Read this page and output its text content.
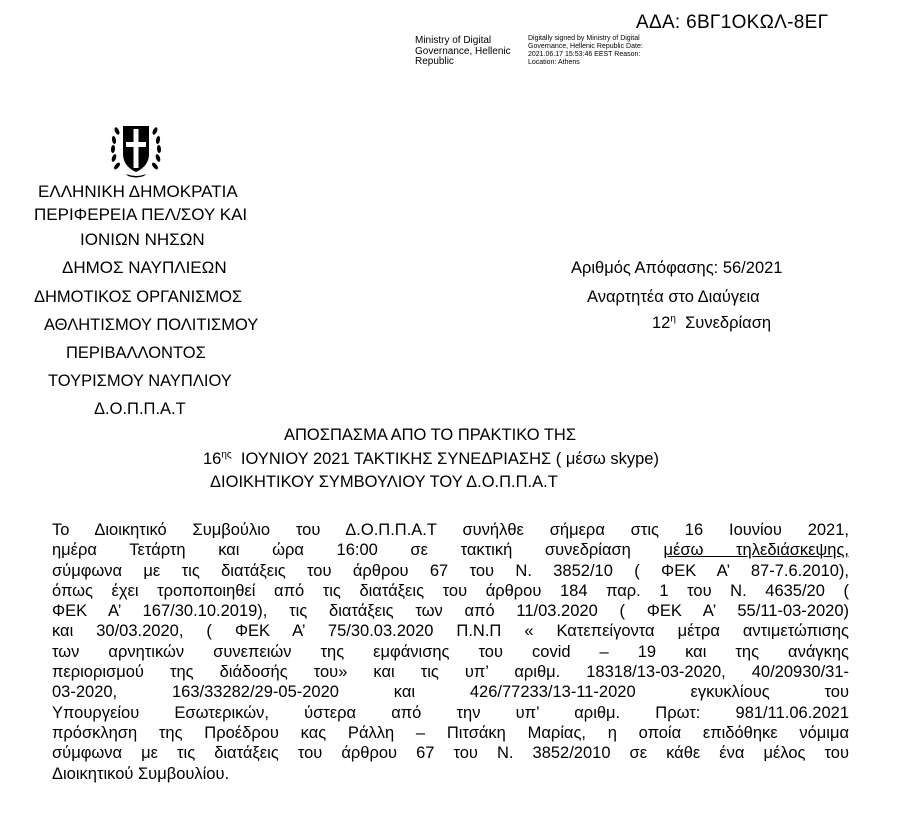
ΑΔΑ: 6ΒΓ1ΟΚΩΛ-8ΕΓ
Ministry of Digital Governance, Hellenic Republic
Digitally signed by Ministry of Digital Governance, Hellenic Republic Date: 2021.06.17 15:53:46 EEST Reason: Location: Athens
ΕΛΛΗΝΙΚΗ ΔΗΜΟΚΡΑΤΙΑ
ΠΕΡΙΦΕΡΕΙΑ ΠΕΛ/ΣΟΥ ΚΑΙ
ΙΟΝΙΩΝ ΝΗΣΩΝ
ΔΗΜΟΣ ΝΑΥΠΛΙΕΩΝ
ΔΗΜΟΤΙΚΟΣ ΟΡΓΑΝΙΣΜΟΣ
ΑΘΛΗΤΙΣΜΟΥ ΠΟΛΙΤΙΣΜΟΥ
ΠΕΡΙΒΑΛΛΟΝΤΟΣ
ΤΟΥΡΙΣΜΟΥ ΝΑΥΠΛΙΟΥ
Δ.Ο.Π.Π.Α.Τ
Αριθμός Απόφασης: 56/2021
Αναρτητέα στο Διαύγεια
$12^\eta$ Συνεδρίαση
ΑΠΟΣΠΑΣΜΑ ΑΠΟ ΤΟ ΠΡΑΚΤΙΚΟ ΤΗΣ
$16^{\eta\varsigma}$ ΙΟΥΝΙΟΥ 2021 ΤΑΚΤΙΚΗΣ ΣΥΝΕΔΡΙΑΣΗΣ ( μέσω skype)
ΔΙΟΙΚΗΤΙΚΟΥ ΣΥΜΒΟΥΛΙΟΥ ΤΟΥ Δ.Ο.Π.Π.Α.Τ
Το Διοικητικό Συμβούλιο του Δ.Ο.Π.Π.Α.Τ συνήλθε σήμερα στις 16 Ιουνίου 2021,
ημέρα Τετάρτη και ώρα 16:00 σε τακτική συνεδρίαση μέσω τηλεδιάσκεψης,
σύμφωνα με τις διατάξεις του άρθρου 67 του Ν. 3852/10 ( ΦΕΚ Α’ 87-7.6.2010),
όπως έχει τροποποιηθεί από τις διατάξεις του άρθρου 184 παρ. 1 του Ν. 4635/20 (
ΦΕΚ Α’ 167/30.10.2019), τις διατάξεις των από 11/03.2020 ( ΦΕΚ Α’ 55/11-03-2020)
και 30/03.2020, ( ΦΕΚ Α’ 75/30.03.2020 Π.Ν.Π « Κατεπείγοντα μέτρα αντιμετώπισης
των αρνητικών συνεπειών της εμφάνισης του covid – 19 και της ανάγκης
περιορισμού της διάδοσής του» και τις υπ’ αριθμ. 18318/13-03-2020, 40/20930/31-
03-2020, 163/33282/29-05-2020 και 426/77233/13-11-2020 εγκυκλίους του
Υπουργείου Εσωτερικών, ύστερα από την υπ’ αριθμ. Πρωτ: 981/11.06.2021
πρόσκληση της Προέδρου κας Ράλλη – Πιτσάκη Μαρίας, η οποία επιδόθηκε νόμιμα
σύμφωνα με τις διατάξεις του άρθρου 67 του Ν. 3852/2010 σε κάθε ένα μέλος του
Διοικητικού Συμβουλίου.
